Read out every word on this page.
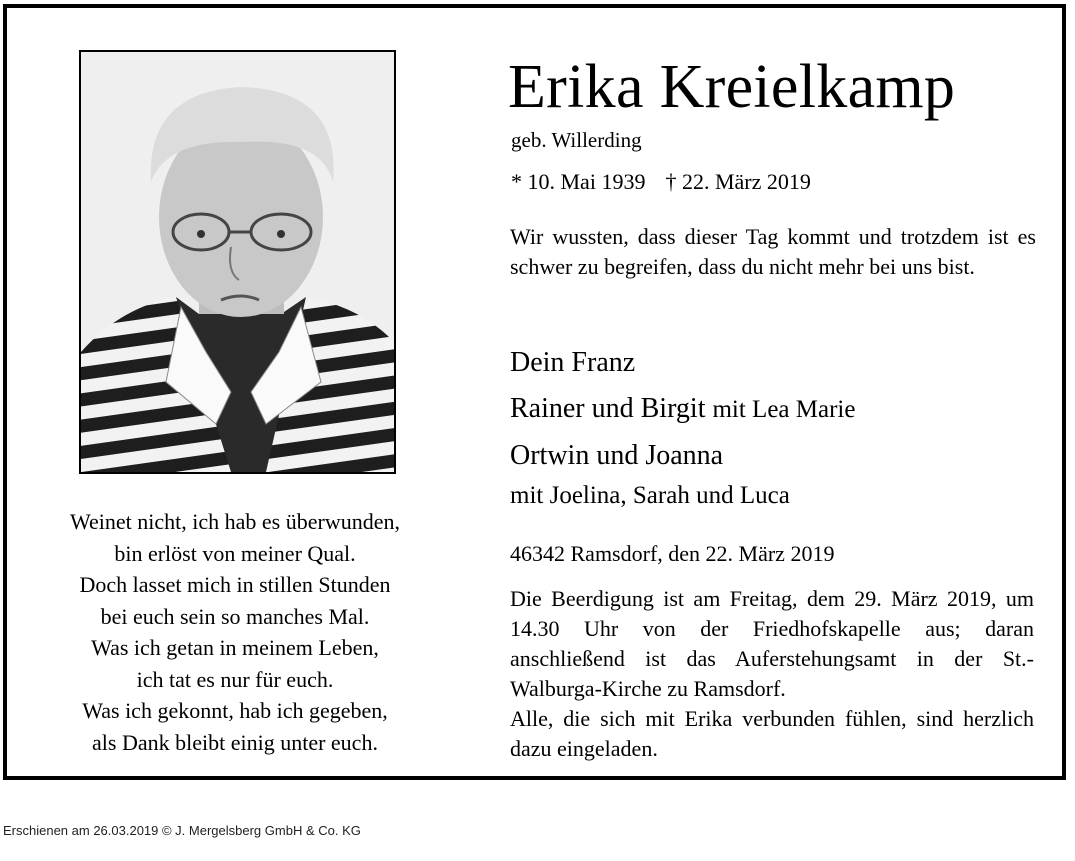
Weinet nicht, ich hab es überwunden,
bin erlöst von meiner Qual.
Doch lasset mich in stillen Stunden
bei euch sein so manches Mal.
Was ich getan in meinem Leben,
ich tat es nur für euch.
Was ich gekonnt, hab ich gegeben,
als Dank bleibt einig unter euch.
Erika Kreielkamp
geb. Willerding
* 10. Mai 1939 † 22. März 2019
Wir wussten, dass dieser Tag kommt und trotzdem ist es schwer zu begreifen, dass du nicht mehr bei uns bist.
Dein Franz
Rainer und Birgit mit Lea Marie
Ortwin und Joanna
mit Joelina, Sarah und Luca
46342 Ramsdorf, den 22. März 2019

Die Beerdigung ist am Freitag, dem 29. März 2019, um 14.30 Uhr von der Friedhofskapelle aus; daran anschließend ist das Auferstehungsamt in der St.-Walburga-Kirche zu Ramsdorf.

Alle, die sich mit Erika verbunden fühlen, sind herzlich dazu eingeladen.

Erschienen am 26.03.2019 © J. Mergelsberg GmbH & Co. KG
